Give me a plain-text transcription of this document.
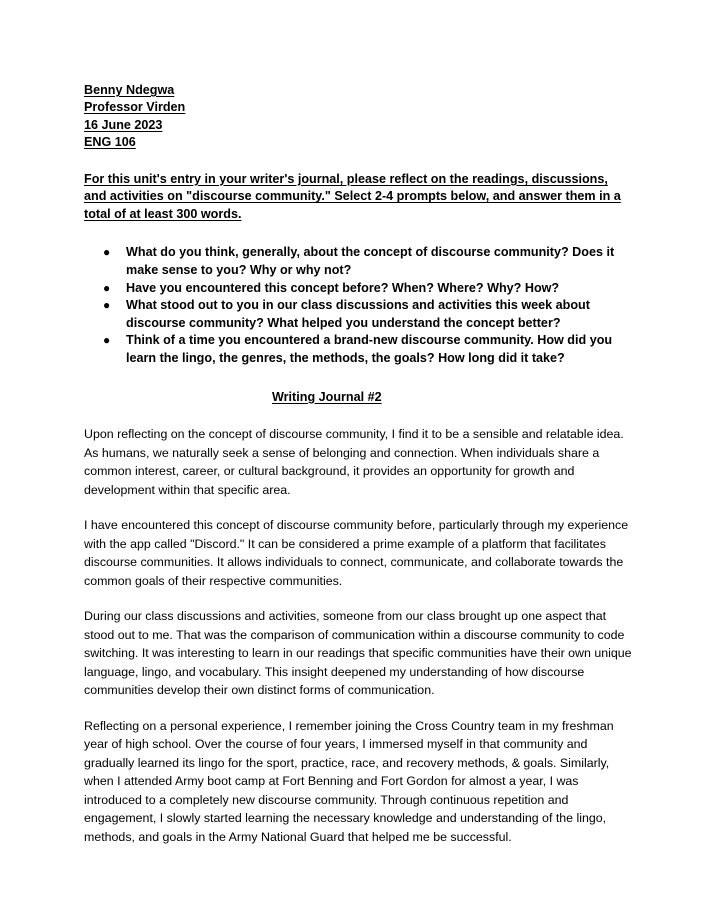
Benny Ndegwa
Professor Virden
16 June 2023
ENG 106
For this unit's entry in your writer's journal, please reflect on the readings, discussions, and activities on "discourse community." Select 2-4 prompts below, and answer them in a total of at least 300 words.
● What do you think, generally, about the concept of discourse community? Does it make sense to you? Why or why not?
● Have you encountered this concept before? When? Where? Why? How?
● What stood out to you in our class discussions and activities this week about discourse community? What helped you understand the concept better?
● Think of a time you encountered a brand-new discourse community. How did you learn the lingo, the genres, the methods, the goals? How long did it take?
Writing Journal #2

Upon reflecting on the concept of discourse community, I find it to be a sensible and relatable idea. As humans, we naturally seek a sense of belonging and connection. When individuals share a common interest, career, or cultural background, it provides an opportunity for growth and development within that specific area.

I have encountered this concept of discourse community before, particularly through my experience with the app called "Discord." It can be considered a prime example of a platform that facilitates discourse communities. It allows individuals to connect, communicate, and collaborate towards the common goals of their respective communities.

During our class discussions and activities, someone from our class brought up one aspect that stood out to me. That was the comparison of communication within a discourse community to code switching. It was interesting to learn in our readings that specific communities have their own unique language, lingo, and vocabulary. This insight deepened my understanding of how discourse communities develop their own distinct forms of communication.

Reflecting on a personal experience, I remember joining the Cross Country team in my freshman year of high school. Over the course of four years, I immersed myself in that community and gradually learned its lingo for the sport, practice, race, and recovery methods, & goals. Similarly, when I attended Army boot camp at Fort Benning and Fort Gordon for almost a year, I was introduced to a completely new discourse community. Through continuous repetition and engagement, I slowly started learning the necessary knowledge and understanding of the lingo, methods, and goals in the Army National Guard that helped me be successful.
